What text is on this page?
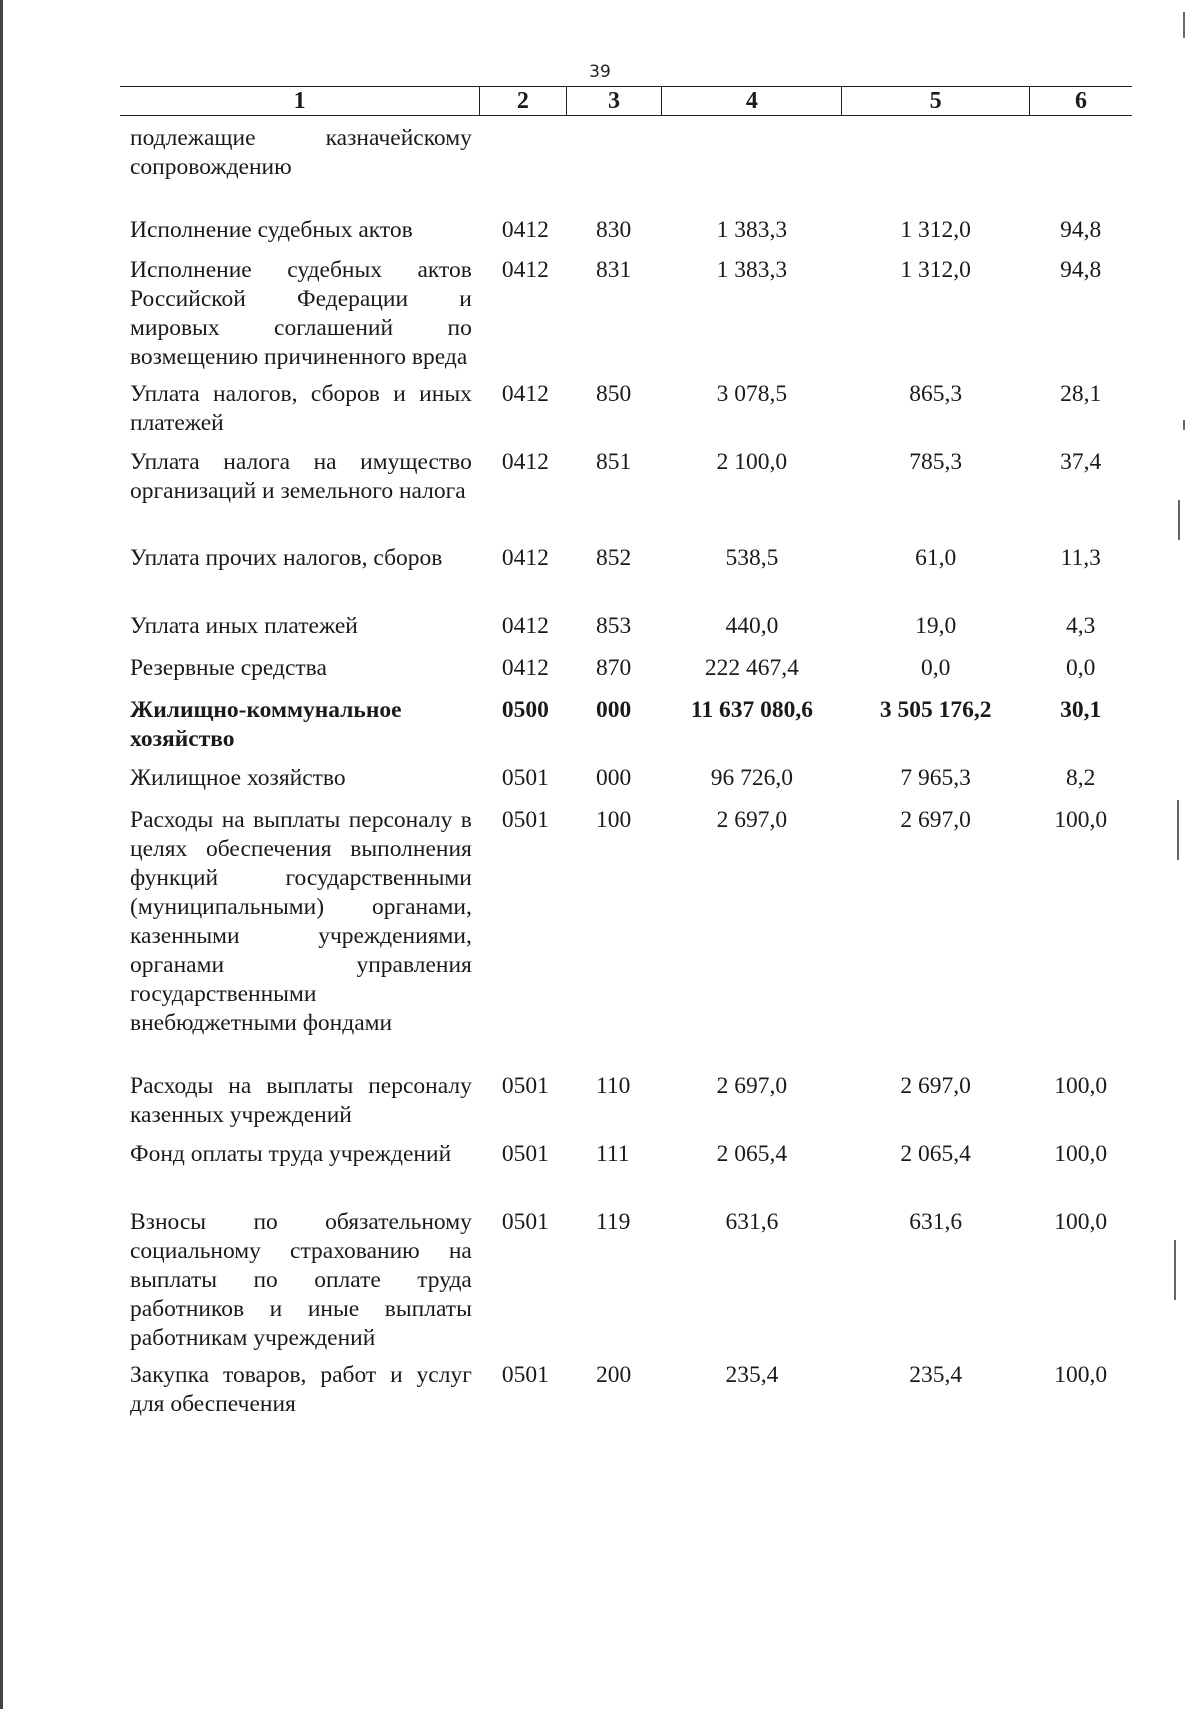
39
1	2	3	4	5	6
подлежащие казначейскому сопровождению					
Исполнение судебных актов	0412	830	1 383,3	1 312,0	94,8
Исполнение судебных актов Российской Федерации и мировых соглашений по возмещению причиненного вреда	0412	831	1 383,3	1 312,0	94,8
Уплата налогов, сборов и иных платежей	0412	850	3 078,5	865,3	28,1
Уплата налога на имущество организаций и земельного налога	0412	851	2 100,0	785,3	37,4
Уплата прочих налогов, сборов	0412	852	538,5	61,0	11,3
Уплата иных платежей	0412	853	440,0	19,0	4,3
Резервные средства	0412	870	222 467,4	0,0	0,0
Жилищно-коммунальное хозяйство	0500	000	11 637 080,6	3 505 176,2	30,1
Жилищное хозяйство	0501	000	96 726,0	7 965,3	8,2
Расходы на выплаты персоналу в целях обеспечения выполнения функций государственными (муниципальными) органами, казенными учреждениями, органами управления государственными внебюджетными фондами	0501	100	2 697,0	2 697,0	100,0
Расходы на выплаты персоналу казенных учреждений	0501	110	2 697,0	2 697,0	100,0
Фонд оплаты труда учреждений	0501	111	2 065,4	2 065,4	100,0
Взносы по обязательному социальному страхованию на выплаты по оплате труда работников и иные выплаты работникам учреждений	0501	119	631,6	631,6	100,0
Закупка товаров, работ и услуг для обеспечения	0501	200	235,4	235,4	100,0
